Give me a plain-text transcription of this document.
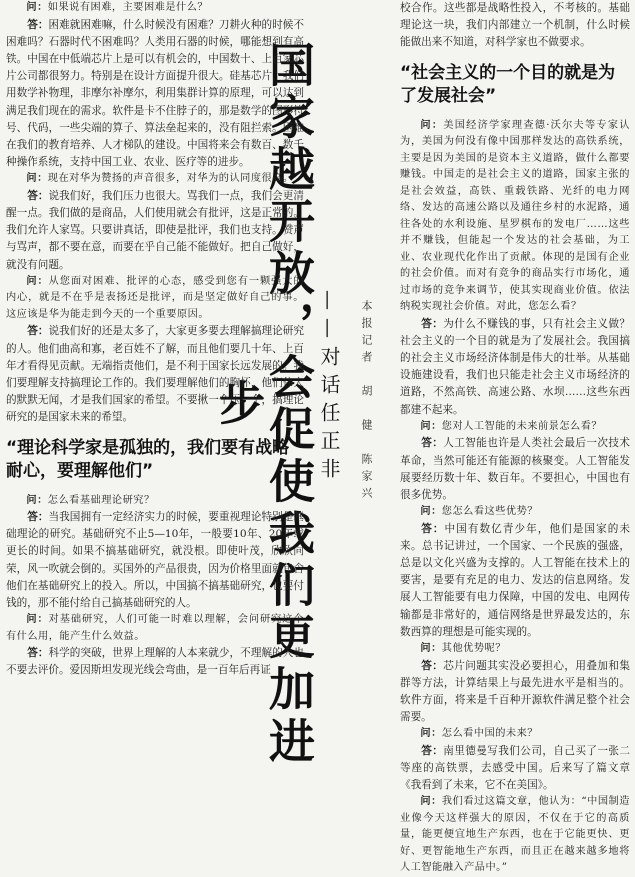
国家越开放，会促使我们更加进步	——对话任正非 本报记者　胡　健　陈家兴

问：如果说有困难，主要困难是什么？

答：困难就困难嘛，什么时候没有困难？刀耕火种的时候不困难吗？石器时代不困难吗？人类用石器的时候，哪能想到有高铁。中国在中低端芯片上是可以有机会的，中国数十、上百家芯片公司都很努力。特别是在设计方面提升很大。硅基芯片，我们用数学补物理，非摩尔补摩尔，利用集群计算的原理，可以达到满足我们现在的需求。软件是卡不住脖子的，那是数学的图形符号、代码，一些尖端的算子、算法垒起来的，没有阻拦索。困难在我们的教育培养、人才梯队的建设。中国将来会有数百、数千种操作系统，支持中国工业、农业、医疗等的进步。

问：现在对华为赞扬的声音很多，对华为的认同度很高。

答：说我们好，我们压力也很大。骂我们一点，我们会更清醒一点。我们做的是商品，人们使用就会有批评，这是正常的。我们允许人家骂。只要讲真话，即使是批评，我们也支持。赞声与骂声，都不要在意，而要在乎自己能不能做好。把自己做好，就没有问题。

问：从您面对困难、批评的心态，感受到您有一颗强大的内心，就是不在乎是表扬还是批评，而是坚定做好自己的事。这应该是华为能走到今天的一个重要原因。

答：说我们好的还是太多了，大家更多要去理解搞理论研究的人。他们曲高和寡，老百姓不了解，而且他们要几十年、上百年才看得见贡献。无端指责他们，是不利于国家长远发展的。我们要理解支持搞理论工作的。我们要理解他们的胸怀，他们伟大的默默无闻，才是我们国家的希望。不要揪一个压一个，搞理论研究的是国家未来的希望。

“理论科学家是孤独的，我们要有战略耐心，要理解他们”

问：怎么看基础理论研究？

答：当我国拥有一定经济实力的时候，要重视理论特别是基础理论的研究。基础研究不止5—10年，一般要10年、20年或更长的时间。如果不搞基础研究，就没根。即使叶茂，欣欣向荣，风一吹就会倒的。买国外的产品很贵，因为价格里面就包含他们在基础研究上的投入。所以，中国搞不搞基础研究，也要付钱的，那不能付给自己搞基础研究的人。

问：对基础研究，人们可能一时难以理解，会问研究这个有什么用，能产生什么效益。

答：科学的突破，世界上理解的人本来就少，不理解的人也不要去评价。爱因斯坦发现光线会弯曲，是一百年后再证

校合作。这些都是战略性投入，不考核的。基础理论这一块，我们内部建立一个机制，什么时候能做出来不知道，对科学家也不做要求。

“社会主义的一个目的就是为了发展社会”

问：美国经济学家理查德·沃尔夫等专家认为，美国为何没有像中国那样发达的高铁系统，主要是因为美国的是资本主义道路，做什么都要赚钱。中国走的是社会主义的道路，国家主张的是社会效益，高铁、重载铁路、光纤的电力网络、发达的高速公路以及通往乡村的水泥路，通往各处的水利设施、星罗棋布的发电厂……这些并不赚钱，但能起一个发达的社会基础，为工业、农业现代化作出了贡献。体现的是国有企业的社会价值。而对有竞争的商品实行市场化，通过市场的竞争来调节，使其实现商业价值。依法纳税实现社会价值。对此，您怎么看？

答：为什么不赚钱的事，只有社会主义做？社会主义的一个目的就是为了发展社会。我国搞的社会主义市场经济体制是伟大的壮举。从基础设施建设看，我们也只能走社会主义市场经济的道路，不然高铁、高速公路、水坝……这些东西都建不起来。

问：您对人工智能的未来前景怎么看？

答：人工智能也许是人类社会最后一次技术革命，当然可能还有能源的核聚变。人工智能发展要经历数十年、数百年。不要担心，中国也有很多优势。

问：您怎么看这些优势？

答：中国有数亿青少年，他们是国家的未来。总书记讲过，一个国家、一个民族的强盛，总是以文化兴盛为支撑的。人工智能在技术上的要害，是要有充足的电力、发达的信息网络。发展人工智能要有电力保障，中国的发电、电网传输都是非常好的，通信网络是世界最发达的，东数西算的理想是可能实现的。

问：其他优势呢？

答：芯片问题其实没必要担心，用叠加和集群等方法，计算结果上与最先进水平是相当的。软件方面，将来是千百种开源软件满足整个社会需要。

问：怎么看中国的未来？

答：南里德曼写我们公司，自己买了一张二等座的高铁票，去感受中国。后来写了篇文章《我看到了未来，它不在美国》。

问：我们看过这篇文章，他认为：“中国制造业像今天这样强大的原因，不仅在于它的高质量，能更便宜地生产东西，也在于它能更快、更好、更智能地生产东西，而且正在越来越多地将人工智能融入产品中。”
